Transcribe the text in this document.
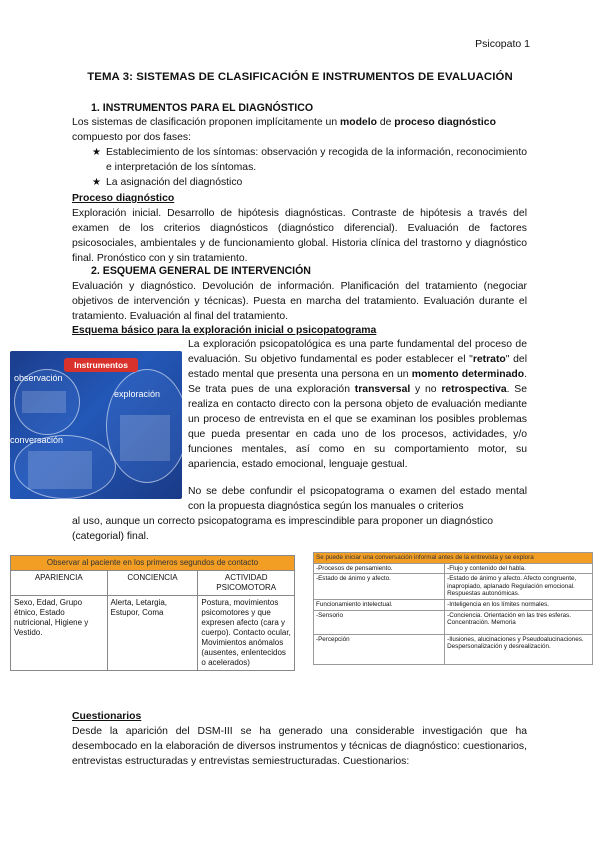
Psicopato 1
TEMA 3: SISTEMAS DE CLASIFICACIÓN E INSTRUMENTOS DE EVALUACIÓN
1. INSTRUMENTOS PARA EL DIAGNÓSTICO
Los sistemas de clasificación proponen implícitamente un modelo de proceso diagnóstico compuesto por dos fases:
★ Establecimiento de los síntomas: observación y recogida de la información, reconocimiento e interpretación de los síntomas.
★ La asignación del diagnóstico
Proceso diagnóstico
Exploración inicial. Desarrollo de hipótesis diagnósticas. Contraste de hipótesis a través del examen de los criterios diagnósticos (diagnóstico diferencial). Evaluación de factores psicosociales, ambientales y de funcionamiento global. Historia clínica del trastorno y diagnóstico final. Pronóstico con y sin tratamiento.
2. ESQUEMA GENERAL DE INTERVENCIÓN
Evaluación y diagnóstico. Devolución de información. Planificación del tratamiento (negociar objetivos de intervención y técnicas). Puesta en marcha del tratamiento. Evaluación durante el tratamiento. Evaluación al final del tratamiento.
Esquema básico para la exploración inicial o psicopatograma
Instrumentos
observación
exploración
conversación
La exploración psicopatológica es una parte fundamental del proceso de evaluación. Su objetivo fundamental es poder establecer el "retrato" del estado mental que presenta una persona en un momento determinado. Se trata pues de una exploración transversal y no retrospectiva. Se realiza en contacto directo con la persona objeto de evaluación mediante un proceso de entrevista en el que se examinan los posibles problemas que pueda presentar en cada uno de los procesos, actividades, y/o funciones mentales, así como en su comportamiento motor, su apariencia, estado emocional, lenguaje gestual.
No se debe confundir el psicopatograma o examen del estado mental con la propuesta diagnóstica según los manuales o criterios
al uso, aunque un correcto psicopatograma es imprescindible para proponer un diagnóstico (categorial) final.
Observar al paciente en los primeros segundos de contacto		
APARIENCIA	CONCIENCIA	ACTIVIDAD PSICOMOTORA
Sexo, Edad, Grupo étnico, Estado nutricional, Higiene y Vestido.	Alerta, Letargia, Estupor, Coma	Postura, movimientos psicomotores y que expresen afecto (cara y cuerpo). Contacto ocular, Movimientos anómalos (ausentes, enlentecidos o acelerados)
Se puede iniciar una conversación informal antes de la entrevista y se explora	
-Procesos de pensamiento.	-Flujo y contenido del habla.
-Estado de ánimo y afecto.	-Estado de ánimo y afecto. Afecto congruente, inapropiado, aplanado Regulación emocional. Respuestas autonómicas.
Funcionamiento intelectual.	-Inteligencia en los límites normales.
-Sensorio	-Conciencia. Orientación en las tres esferas. Concentración. Memoria
-Percepción	-Ilusiones, alucinaciones y Pseudoalucinaciones. Despersonalización y desrealización.
Cuestionarios
Desde la aparición del DSM-III se ha generado una considerable investigación que ha desembocado en la elaboración de diversos instrumentos y técnicas de diagnóstico: cuestionarios, entrevistas estructuradas y entrevistas semiestructuradas. Cuestionarios:
